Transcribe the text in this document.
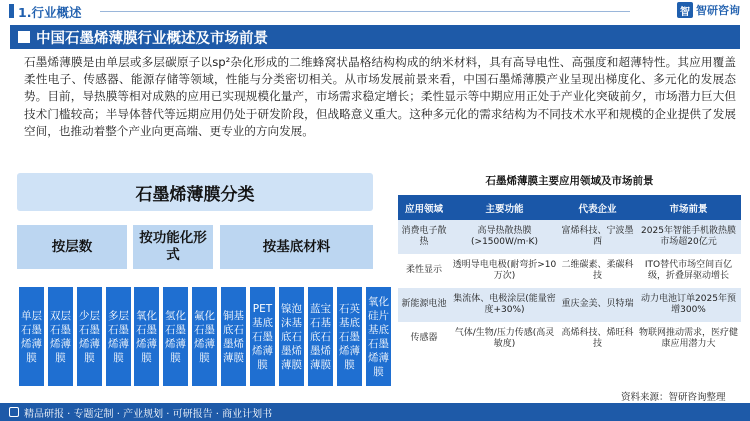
1.行业概述	智 智研咨询
中国石墨烯薄膜行业概述及市场前景

石墨烯薄膜是由单层或多层碳原子以sp²杂化形成的二维蜂窝状晶格结构构成的纳米材料，具有高导电性、高强度和超薄特性。其应用覆盖柔性电子、传感器、能源存储等领域，性能与分类密切相关。从市场发展前景来看，中国石墨烯薄膜产业呈现出梯度化、多元化的发展态势。目前，导热膜等相对成熟的应用已实现规模化量产，市场需求稳定增长；柔性显示等中期应用正处于产业化突破前夕，市场潜力巨大但技术门槛较高；半导体替代等远期应用仍处于研发阶段，但战略意义重大。这种多元化的需求结构为不同技术水平和规模的企业提供了发展空间，也推动着整个产业向更高端、更专业的方向发展。

石墨烯薄膜分类
按层数
按功能化形式
按基底材料
单层石墨烯薄膜
双层石墨烯薄膜
少层石墨烯薄膜
多层石墨烯薄膜
氧化石墨烯薄膜
氢化石墨烯薄膜
氟化石墨烯薄膜
铜基底石墨烯薄膜
PET基底石墨烯薄膜
镍泡沫基底石墨烯薄膜
蓝宝石基底石墨烯薄膜
石英基底石墨烯薄膜
氧化硅片基底石墨烯薄膜
石墨烯薄膜主要应用领域及市场前景
应用领域	主要功能	代表企业	市场前景
消费电子散热	高导热散热膜(>1500W/m·K)	富烯科技、宁波墨西	2025年智能手机散热膜市场超20亿元
柔性显示	透明导电电极(耐弯折>10万次)	二维碳素、柔碳科技	ITO替代市场空间百亿级，折叠屏驱动增长
新能源电池	集流体、电极涂层(能量密度+30%)	重庆金美、贝特瑞	动力电池订单2025年预增300%
传感器	气体/生物/压力传感(高灵敏度)	高烯科技、烯旺科技	物联网推动需求，医疗健康应用潜力大
资料来源：智研咨询整理
精品研报 · 专题定制 · 产业规划 · 可研报告 · 商业计划书
